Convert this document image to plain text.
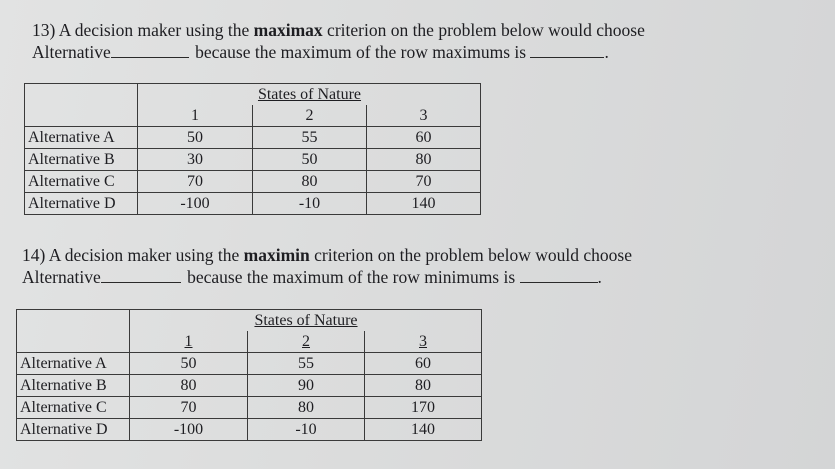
13) A decision maker using the maximax criterion on the problem below would choose
Alternative	because the maximum of the row maximums is	.
		States of Nature	
	1	2	3
Alternative A	50	55	60
Alternative B	30	50	80
Alternative C	70	80	70
Alternative D	-100	-10	140
14) A decision maker using the maximin criterion on the problem below would choose
Alternative	because the maximum of the row minimums is	.
		States of Nature	
	1	2	3
Alternative A	50	55	60
Alternative B	80	90	80
Alternative C	70	80	170
Alternative D	-100	-10	140
